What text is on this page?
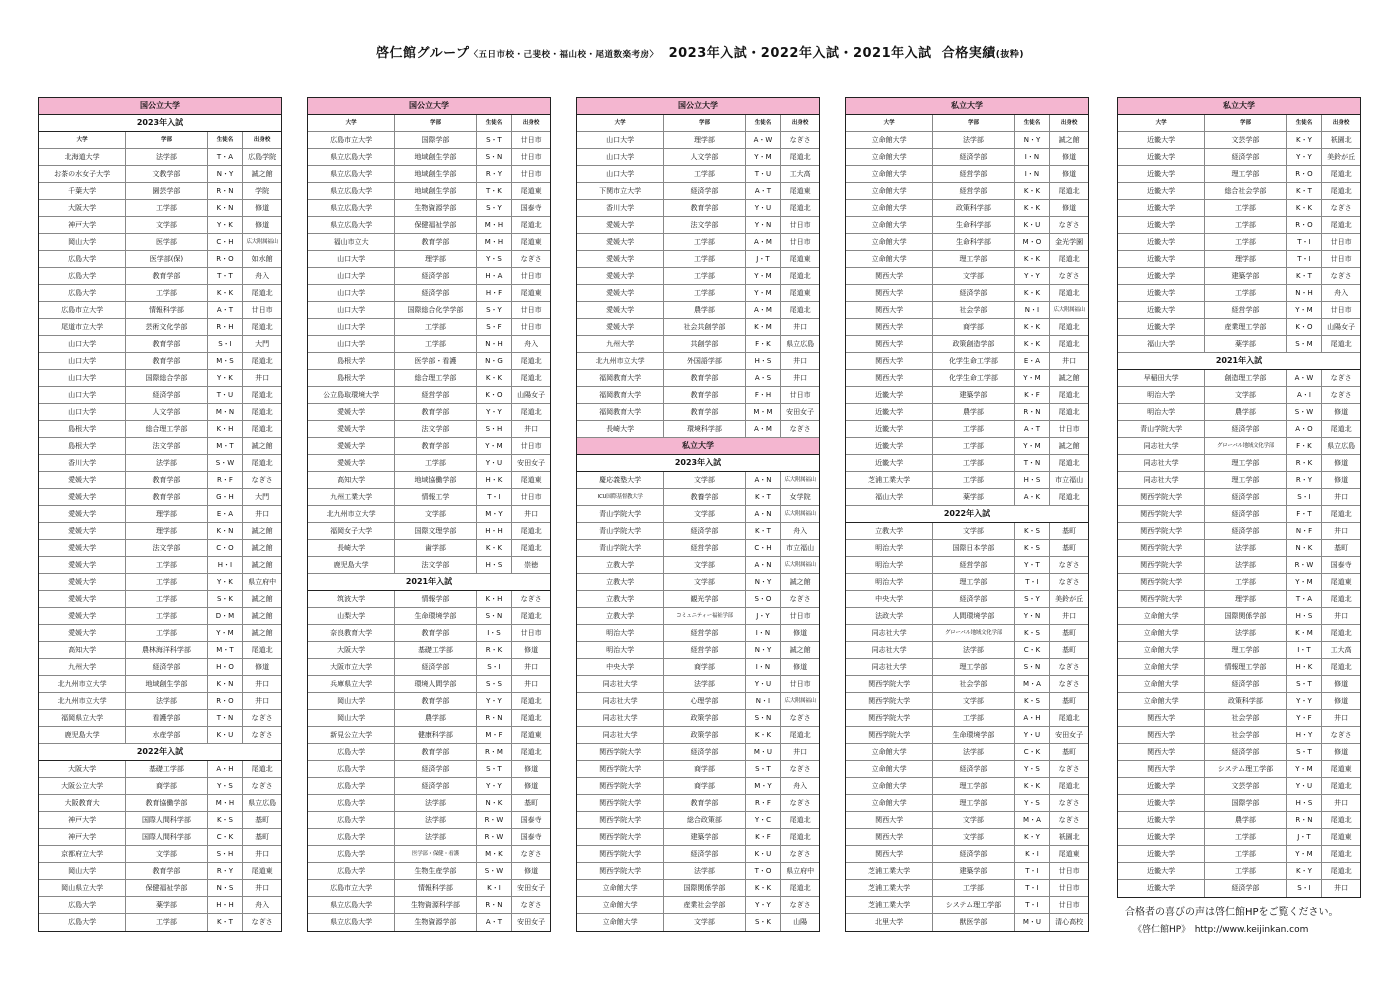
啓仁館グループ〈五日市校・己斐校・福山校・尾道数楽考房〉 2023年入試・2022年入試・2021年入試 合格実績(抜粋)
国公立大学
2023年入試
大学	学部	生徒名	出身校
北海道大学	法学部	T・A	広島学院
お茶の水女子大学	文教学部	N・Y	誠之館
千葉大学	園芸学部	R・N	学院
大阪大学	工学部	K・N	修道
神戸大学	文学部	Y・K	修道
岡山大学	医学部	C・H	広大附属福山
広島大学	医学部(保)	R・O	如水館
広島大学	教育学部	T・T	舟入
広島大学	工学部	K・K	尾道北
広島市立大学	情報科学部	A・T	廿日市
尾道市立大学	芸術文化学部	R・H	尾道北
山口大学	教育学部	S・I	大門
山口大学	教育学部	M・S	尾道北
山口大学	国際総合学部	Y・K	井口
山口大学	経済学部	T・U	尾道北
山口大学	人文学部	M・N	尾道北
島根大学	総合理工学部	K・H	尾道北
島根大学	法文学部	M・T	誠之館
香川大学	法学部	S・W	尾道北
愛媛大学	教育学部	R・F	なぎさ
愛媛大学	教育学部	G・H	大門
愛媛大学	理学部	E・A	井口
愛媛大学	理学部	K・N	誠之館
愛媛大学	法文学部	C・O	誠之館
愛媛大学	工学部	H・I	誠之館
愛媛大学	工学部	Y・K	県立府中
愛媛大学	工学部	S・K	誠之館
愛媛大学	工学部	D・M	誠之館
愛媛大学	工学部	Y・M	誠之館
高知大学	農林海洋科学部	M・T	尾道北
九州大学	経済学部	H・O	修道
北九州市立大学	地域創生学部	K・N	井口
北九州市立大学	法学部	R・O	井口
福岡県立大学	看護学部	T・N	なぎさ
鹿児島大学	水産学部	K・U	なぎさ
2022年入試
大阪大学	基礎工学部	A・H	尾道北
大阪公立大学	商学部	Y・S	なぎさ
大阪教育大	教育協働学部	M・H	県立広島
神戸大学	国際人間科学部	K・S	基町
神戸大学	国際人間科学部	C・K	基町
京都府立大学	文学部	S・H	井口
岡山大学	教育学部	R・Y	尾道東
岡山県立大学	保健福祉学部	N・S	井口
広島大学	薬学部	H・H	舟入
広島大学	工学部	K・T	なぎさ
国公立大学
大学	学部	生徒名	出身校
広島市立大学	国際学部	S・T	廿日市
県立広島大学	地域創生学部	S・N	廿日市
県立広島大学	地域創生学部	R・Y	廿日市
県立広島大学	地域創生学部	T・K	尾道東
県立広島大学	生物資源学部	S・Y	国泰寺
県立広島大学	保健福祉学部	M・H	尾道北
福山市立大	教育学部	M・H	尾道東
山口大学	理学部	Y・S	なぎさ
山口大学	経済学部	H・A	廿日市
山口大学	経済学部	H・F	尾道東
山口大学	国際総合化学学部	S・Y	廿日市
山口大学	工学部	S・F	廿日市
山口大学	工学部	N・H	舟入
島根大学	医学部・看護	N・G	尾道北
島根大学	総合理工学部	K・K	尾道北
公立島取環境大学	経営学部	K・O	山陽女子
愛媛大学	教育学部	Y・Y	尾道北
愛媛大学	法文学部	S・H	井口
愛媛大学	教育学部	Y・M	廿日市
愛媛大学	工学部	Y・U	安田女子
高知大学	地域協働学部	H・K	尾道東
九州工業大学	情報工学	T・I	廿日市
北九州市立大学	文学部	M・Y	井口
福岡女子大学	国際文理学部	H・H	尾道北
長崎大学	歯学部	K・K	尾道北
鹿児島大学	法文学部	H・S	崇徳
2021年入試
筑波大学	情報学部	K・H	なぎさ
山梨大学	生命環境学部	S・N	尾道北
奈良教育大学	教育学部	I・S	廿日市
大阪大学	基礎工学部	R・K	修道
大阪市立大学	経済学部	S・I	井口
兵庫県立大学	環境人間学部	S・S	井口
岡山大学	教育学部	Y・Y	尾道北
岡山大学	農学部	R・N	尾道北
新見公立大学	健康科学部	M・F	尾道東
広島大学	教育学部	R・M	尾道北
広島大学	経済学部	S・T	修道
広島大学	経済学部	Y・Y	修道
広島大学	法学部	N・K	基町
広島大学	法学部	R・W	国泰寺
広島大学	法学部	R・W	国泰寺
広島大学	医学部・保健・看護	M・K	なぎさ
広島大学	生物生産学部	S・W	修道
広島市立大学	情報科学部	K・I	安田女子
県立広島大学	生物資源科学部	R・N	なぎさ
県立広島大学	生物資源学部	A・T	安田女子
国公立大学
大学	学部	生徒名	出身校
山口大学	理学部	A・W	なぎさ
山口大学	人文学部	Y・M	尾道北
山口大学	工学部	T・U	工大高
下関市立大学	経済学部	A・T	尾道東
香川大学	教育学部	Y・U	尾道北
愛媛大学	法文学部	Y・N	廿日市
愛媛大学	工学部	A・M	廿日市
愛媛大学	工学部	J・T	尾道東
愛媛大学	工学部	Y・M	尾道北
愛媛大学	工学部	Y・M	尾道東
愛媛大学	農学部	A・M	尾道北
愛媛大学	社会共創学部	K・M	井口
九州大学	共創学部	F・K	県立広島
北九州市立大学	外国語学部	H・S	井口
福岡教育大学	教育学部	A・S	井口
福岡教育大学	教育学部	F・H	廿日市
福岡教育大学	教育学部	M・M	安田女子
長崎大学	環境科学部	A・M	なぎさ
私立大学
2023年入試
慶応義塾大学	文学部	A・N	広大附属福山
ICU国際基督教大学	教養学部	K・T	女学院
青山学院大学	文学部	A・N	広大附属福山
青山学院大学	経済学部	K・T	舟入
青山学院大学	経営学部	C・H	市立福山
立教大学	文学部	A・N	広大附属福山
立教大学	文学部	N・Y	誠之館
立教大学	観光学部	S・O	なぎさ
立教大学	コミュニティー福祉学部	J・Y	廿日市
明治大学	経営学部	I・N	修道
明治大学	経営学部	N・Y	誠之館
中央大学	商学部	I・N	修道
同志社大学	法学部	Y・U	廿日市
同志社大学	心理学部	N・I	広大附属福山
同志社大学	政策学部	S・N	なぎさ
同志社大学	政策学部	K・K	尾道北
関西学院大学	経済学部	M・U	井口
関西学院大学	商学部	S・T	なぎさ
関西学院大学	商学部	M・Y	舟入
関西学院大学	教育学部	R・F	なぎさ
関西学院大学	総合政策部	Y・C	尾道北
関西学院大学	建築学部	K・F	尾道北
関西学院大学	経済学部	K・U	なぎさ
関西学院大学	法学部	T・O	県立府中
立命館大学	国際関係学部	K・K	尾道北
立命館大学	産業社会学部	Y・Y	なぎさ
立命館大学	文学部	S・K	山陽
私立大学
大学	学部	生徒名	出身校
立命館大学	法学部	N・Y	誠之館
立命館大学	経済学部	I・N	修道
立命館大学	経営学部	I・N	修道
立命館大学	経営学部	K・K	尾道北
立命館大学	政策科学部	K・K	修道
立命館大学	生命科学部	K・U	なぎさ
立命館大学	生命科学部	M・O	金光学園
立命館大学	理工学部	K・K	尾道北
関西大学	文学部	Y・Y	なぎさ
関西大学	経済学部	K・K	尾道北
関西大学	社会学部	N・I	広大附属福山
関西大学	商学部	K・K	尾道北
関西大学	政策創造学部	K・K	尾道北
関西大学	化学生命工学部	E・A	井口
関西大学	化学生命工学部	Y・M	誠之館
近畿大学	建築学部	K・F	尾道北
近畿大学	農学部	R・N	尾道北
近畿大学	工学部	A・T	廿日市
近畿大学	工学部	Y・M	誠之館
近畿大学	工学部	T・N	尾道北
芝浦工業大学	工学部	H・S	市立福山
福山大学	薬学部	A・K	尾道北
2022年入試
立教大学	文学部	K・S	基町
明治大学	国際日本学部	K・S	基町
明治大学	経営学部	Y・T	なぎさ
明治大学	理工学部	T・I	なぎさ
中央大学	経済学部	S・Y	美鈴が丘
法政大学	人間環境学部	Y・N	井口
同志社大学	グローバル地域文化学部	K・S	基町
同志社大学	法学部	C・K	基町
同志社大学	理工学部	S・N	なぎさ
関西学院大学	社会学部	M・A	なぎさ
関西学院大学	文学部	K・S	基町
関西学院大学	工学部	A・H	尾道北
関西学院大学	生命環境学部	Y・U	安田女子
立命館大学	法学部	C・K	基町
立命館大学	経済学部	Y・S	なぎさ
立命館大学	理工学部	K・K	尾道北
立命館大学	理工学部	Y・S	なぎさ
関西大学	文学部	M・A	なぎさ
関西大学	文学部	K・Y	祇園北
関西大学	経済学部	K・I	尾道東
芝浦工業大学	建築学部	T・I	廿日市
芝浦工業大学	工学部	T・I	廿日市
芝浦工業大学	システム理工学部	T・I	廿日市
北里大学	獣医学部	M・U	清心高校
私立大学
大学	学部	生徒名	出身校
近畿大学	文芸学部	K・Y	祇園北
近畿大学	経済学部	Y・Y	美鈴が丘
近畿大学	理工学部	R・O	尾道北
近畿大学	総合社会学部	K・T	尾道北
近畿大学	工学部	K・K	なぎさ
近畿大学	工学部	R・O	尾道北
近畿大学	工学部	T・I	廿日市
近畿大学	理学部	T・I	廿日市
近畿大学	建築学部	K・T	なぎさ
近畿大学	工学部	N・H	舟入
近畿大学	経営学部	Y・M	廿日市
近畿大学	産業理工学部	K・O	山陽女子
福山大学	薬学部	S・M	尾道北
2021年入試
早稲田大学	創造理工学部	A・W	なぎさ
明治大学	文学部	A・I	なぎさ
明治大学	農学部	S・W	修道
青山学院大学	経済学部	A・O	尾道北
同志社大学	グローバル地域文化学部	F・K	県立広島
同志社大学	理工学部	R・K	修道
同志社大学	理工学部	R・Y	修道
関西学院大学	経済学部	S・I	井口
関西学院大学	経済学部	F・T	尾道北
関西学院大学	経済学部	N・F	井口
関西学院大学	法学部	N・K	基町
関西学院大学	法学部	R・W	国泰寺
関西学院大学	工学部	Y・M	尾道東
関西学院大学	理学部	T・A	尾道北
立命館大学	国際関係学部	H・S	井口
立命館大学	法学部	K・M	尾道北
立命館大学	理工学部	I・T	工大高
立命館大学	情報理工学部	H・K	尾道北
立命館大学	経済学部	S・T	修道
立命館大学	政策科学部	Y・Y	修道
関西大学	社会学部	Y・F	井口
関西大学	社会学部	H・Y	なぎさ
関西大学	経済学部	S・T	修道
関西大学	システム理工学部	Y・M	尾道東
近畿大学	文芸学部	Y・U	尾道北
近畿大学	国際学部	H・S	井口
近畿大学	農学部	R・N	尾道北
近畿大学	工学部	J・T	尾道東
近畿大学	工学部	Y・M	尾道北
近畿大学	工学部	K・Y	尾道北
近畿大学	経済学部	S・I	井口
合格者の喜びの声は啓仁館HPをご覧ください。
《啓仁館HP》　http://www.keijinkan.com
